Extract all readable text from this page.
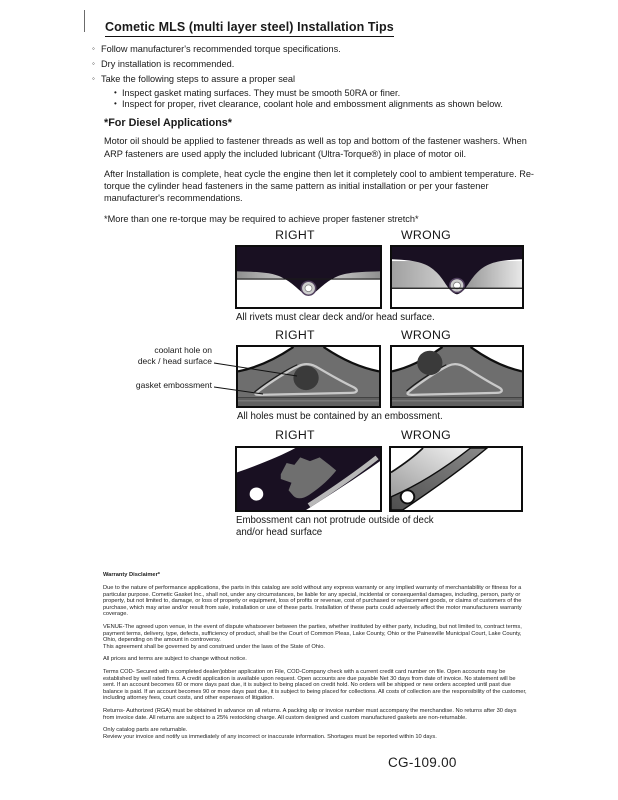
Cometic MLS (multi layer steel) Installation Tips
◦ Follow manufacturer's recommended torque specifications.
◦ Dry installation is recommended.
◦ Take the following steps to assure a proper seal
• Inspect gasket mating surfaces. They must be smooth 50RA or finer.
• Inspect for proper, rivet clearance, coolant hole and embossment alignments as shown below.
*For Diesel Applications*

Motor oil should be applied to fastener threads as well as top and bottom of the fastener washers. When ARP fasteners are used apply the included lubricant (Ultra-Torque®) in place of motor oil.

After Installation is complete, heat cycle the engine then let it completely cool to ambient temperature. Re-torque the cylinder head fasteners in the same pattern as initial installation or per your fastener manufacturer's recommendations.

*More than one re-torque may be required to achieve proper fastener stretch*

RIGHT	WRONG
All rivets must clear deck and/or head surface.
RIGHT	WRONG
coolant hole on
deck / head surface
gasket embossment
All holes must be contained by an embossment.
RIGHT	WRONG
Embossment can not protrude outside of deck and/or head surface
Warranty Disclaimer*
Due to the nature of performance applications, the parts in this catalog are sold without any express warranty or any implied warranty of merchantability or fitness for a particular purpose. Cometic Gasket Inc., shall not, under any circumstances, be liable for any special, incidental or consequential damages, including, person, party or property, but not limited to, damage, or loss of property or equipment, loss of profits or revenue, cost of purchased or replacement goods, or claims of customers of the purchase, which may arise and/or result from sale, installation or use of these parts. Installation of these parts could adversely affect the motor manufacturers warranty coverage.
VENUE-The agreed upon venue, in the event of dispute whatsoever between the parties, whether instituted by either party, including, but not limited to, contract terms, payment terms, delivery, type, defects, sufficiency of product, shall be the Court of Common Pleas, Lake County, Ohio or the Painesville Municipal Court, Lake County, Ohio, depending on the amount in controversy.
This agreement shall be governed by and construed under the laws of the State of Ohio.
All prices and terms are subject to change without notice.
Terms COD- Secured with a completed dealer/jobber application on File, COD-Company check with a current credit card number on file. Open accounts may be established by well rated firms. A credit application is available upon request. Open accounts are due payable Net 30 days from date of invoice. No statement will be sent. If an account becomes 60 or more days past due, it is subject to being placed on credit hold. No orders will be shipped or new orders accepted until past due balance is paid. If an account becomes 90 or more days past due, it is subject to being placed for collections. All costs of collection are the responsibility of the customer, including attorney fees, court costs, and other expenses of litigation.
Returns- Authorized (RGA) must be obtained in advance on all returns. A packing slip or invoice number must accompany the merchandise. No returns after 30 days from invoice date. All returns are subject to a 25% restocking charge. All custom designed and custom manufactured gaskets are non-returnable.
Only catalog parts are returnable.
Review your invoice and notify us immediately of any incorrect or inaccurate information. Shortages must be reported within 10 days.
CG-109.00
